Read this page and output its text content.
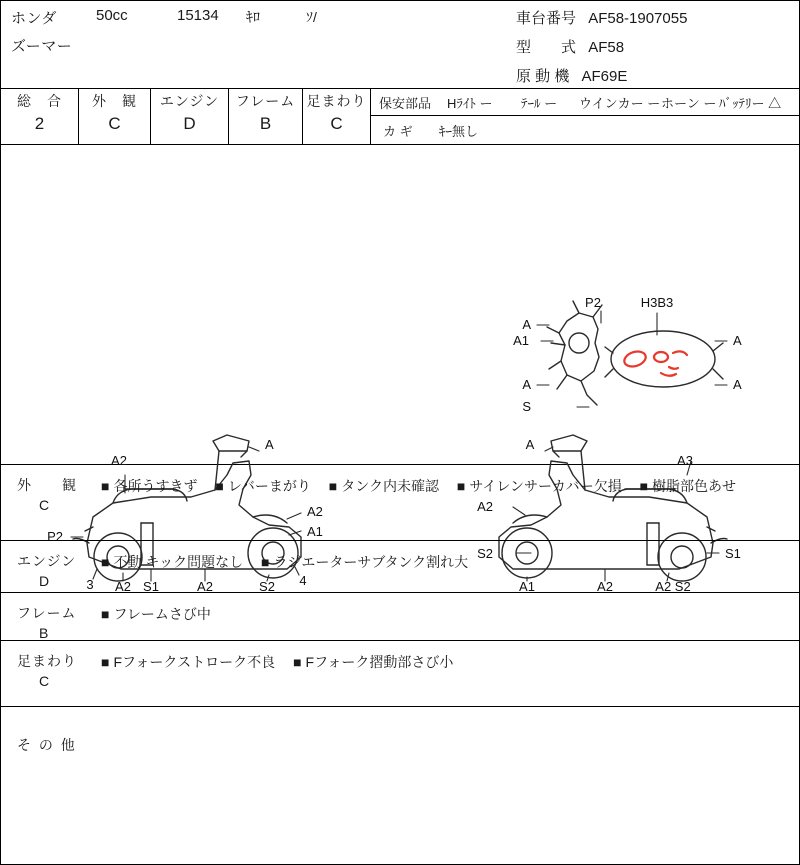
ホンダ
ズーマー
50cc	15134 ｷﾛ	ｿ/	車台番号 AF58-1907055
型　　式 AF58
原 動 機 AF69E
総　合
2
外　観
C
エンジン
D
フレーム
B
足まわり
C
保安部品 Hﾗｲﾄ ー ﾃｰﾙ ー ウインカー ー ホーン ー ﾊﾞｯﾃﾘー △
カ ギ ｷｰ無し
P2	H3B3
A1
A
A
S
A
A
A2
A
A2
A1
P2
3 A2 S1	A2	S2 4
A
A3
A2
S2	S1
A1	A2	A2 S2
外　　観
C
■ 各所うすきず ■ レバーまがり ■ タンク内未確認 ■ サイレンサーカバー欠損 ■ 樹脂部色あせ
エンジン
D
■ 不動 キック問題なし ■ ラジエーターサブタンク割れ大
フレーム
B
■ フレームさび中
足まわり
C
■ Fフォークストローク不良 ■ Fフォーク摺動部さび小
そ の 他
